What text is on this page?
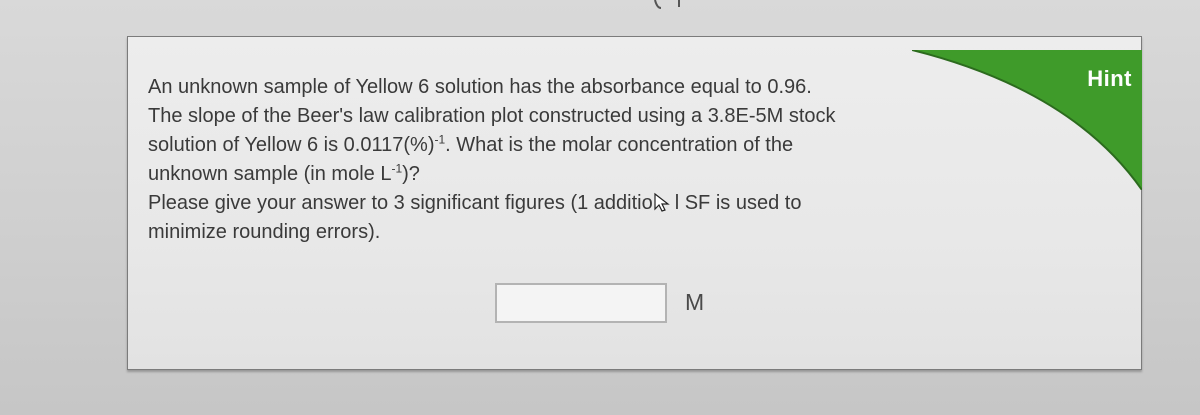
Hint
An unknown sample of Yellow 6 solution has the absorbance equal to 0.96.
The slope of the Beer's law calibration plot constructed using a 3.8E-5M stock
solution of Yellow 6 is 0.0117(%)$^{-1}$. What is the molar concentration of the
unknown sample (in mole $L^{-1}$)?
Please give your answer to 3 significant figures (1 additio l SF is used to
minimize rounding errors).
M
